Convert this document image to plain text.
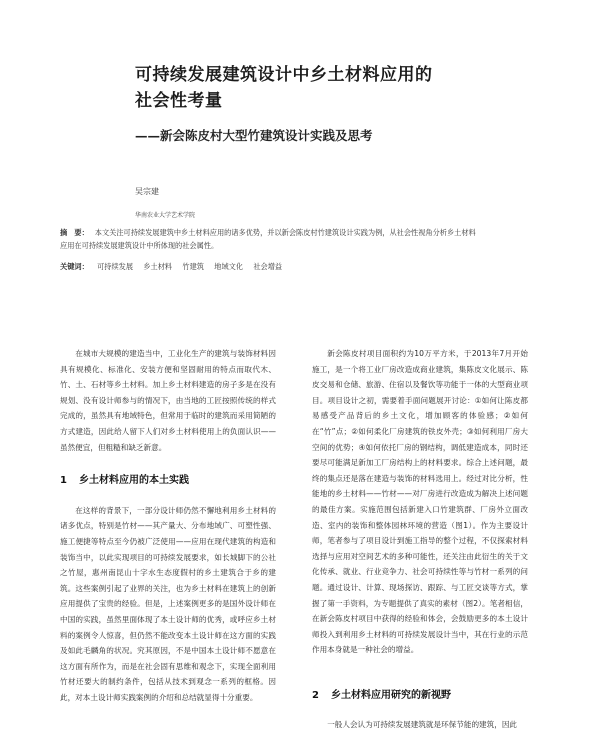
可持续发展建筑设计中乡土材料应用的
社会性考量
——新会陈皮村大型竹建筑设计实践及思考
吴宗建
华南农业大学艺术学院
摘　要： 本文关注可持续发展建筑中乡土材料应用的诸多优势，并以新会陈皮村竹建筑设计实践为例，从社会性视角分析乡土材料应用在可持续发展建筑设计中所体现的社会属性。
关键词： 可持续发展 乡土材料 竹建筑 地域文化 社会增益

在城市大规模的建造当中，工业化生产的建筑与装饰材料因具有规模化、标准化、安装方便和坚固耐用的特点而取代木、竹、土、石材等乡土材料。加上乡土材料建造的房子多是在没有规划、没有设计师参与的情况下，由当地的工匠按照传统的样式完成的，虽然具有地域特色，但常用于临时的建筑而采用简陋的方式建造，因此给人留下人们对乡土材料使用上的负面认识——虽然便宜，但粗糙和缺乏新意。

1 乡土材料应用的本土实践

在这样的背景下，一部分设计师仍然不懈地利用乡土材料的诸多优点，特别是竹材——其产量大、分布地域广、可塑性强、施工便捷等特点至今仍被广泛使用——应用在现代建筑的构造和装饰当中，以此实现项目的可持续发展要求，如长城脚下的公社之竹屋，惠州南昆山十字水生态度假村的乡土建筑合于乡的建筑。这些案例引起了业界的关注，也为乡土材料在建筑上的创新应用提供了宝贵的经验。但是，上述案例更多的是国外设计师在中国的实践，虽然里面体现了本土设计师的优秀，或呼应乡土材料的案例令人惊喜，但仍然不能改变本土设计师在这方面的实践及如此毛麟角的状况。究其原因，不是中国本土设计师不愿意在这方面有所作为，而是在社会固有思维和观念下，实现全面利用竹材还要大的制约条件，包括从技术到观念一系列的框格。因此，对本土设计师实践案例的介绍和总结就显得十分重要。

新会陈皮村项目面积约为10万平方米，于2013年7月开始施工，是一个将工业厂房改造成商业建筑，集陈皮文化展示、陈皮交易和仓储、旅游、住宿以及餐饮等功能于一体的大型商业项目。项目设计之初，需要着手面问题展开讨论：①如何让陈皮都易感受产品背后的乡土文化，增加顾客的体验感；②如何在“竹”点；②如何柔化厂房建筑的铁皮外壳；③如何利用厂房大空间的优势；④如何依托厂房的钢结构，调低建造成本，同时还要尽可能满足新加工厂房结构上的材料要求。综合上述问题，最终的集点还是落在建造与装饰的材料选用上。经过对比分析，性能地的乡土材料——竹材——对厂房进行改造成为解决上述问题的最佳方案。实施范围包括新建入口竹建筑群、厂房外立面改造、室内的装饰和整体园林环境的营造（图1）。作为主要设计师，笔者参与了项目设计到施工指导的整个过程，不仅探索材料选择与应用对空间艺术的多种可能性，还关注由此衍生的关于文化传承、就业、行业竞争力、社会可持续性等与竹材一系列的问题。通过设计、计算、现场探访、跟踪、与工匠交谈等方式，掌握了第一手资料，为专题提供了真实的素材（图2）。笔者相信，在新会陈皮村项目中获得的经验和体会，会鼓励更多的本土设计师投入到利用乡土材料的可持续发展设计当中，其在行业的示范作用本身就是一种社会的增益。

2 乡土材料应用研究的新视野

一般人会认为可持续发展建筑就是环保节能的建筑，因此
